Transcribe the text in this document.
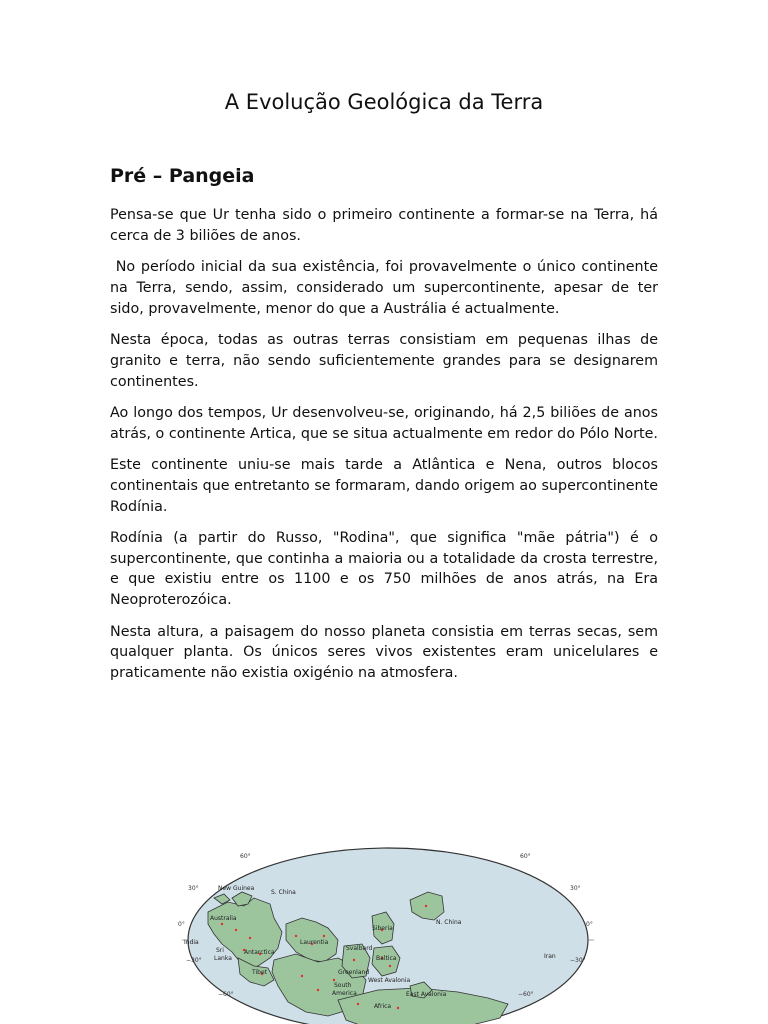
A Evolução Geológica da Terra
Pré – Pangeia

Pensa-se que Ur tenha sido o primeiro continente a formar-se na Terra, há cerca de 3 biliões de anos.

No período inicial da sua existência, foi provavelmente o único continente na Terra, sendo, assim, considerado um supercontinente, apesar de ter sido, provavelmente, menor do que a Austrália é actualmente.

Nesta época, todas as outras terras consistiam em pequenas ilhas de granito e terra, não sendo suficientemente grandes para se designarem continentes.

Ao longo dos tempos, Ur desenvolveu-se, originando, há 2,5 biliões de anos atrás, o continente Artica, que se situa actualmente em redor do Pólo Norte.

Este continente uniu-se mais tarde a Atlântica e Nena, outros blocos continentais que entretanto se formaram, dando origem ao supercontinente Rodínia.

Rodínia (a partir do Russo, "Rodina", que significa "mãe pátria") é o supercontinente, que continha a maioria ou a totalidade da crosta terrestre, e que existiu entre os 1100 e os 750 milhões de anos atrás, na Era Neoproterozóica.

Nesta altura, a paisagem do nosso planeta consistia em terras secas, sem qualquer planta. Os únicos seres vivos existentes eram unicelulares e praticamente não existia oxigénio na atmosfera.

60°	60°
30°	30°
0°	0°
−30°	−30°
−60°	−60°
New Guinea
S. China
Australia
India
Antarctica
Laurentia
Siberia
N. China
Svalbard
Baltica
Greenland
Sri
Lanka
Tibet
South
America
West Avalonia
East Avalonia
Iran
Africa
